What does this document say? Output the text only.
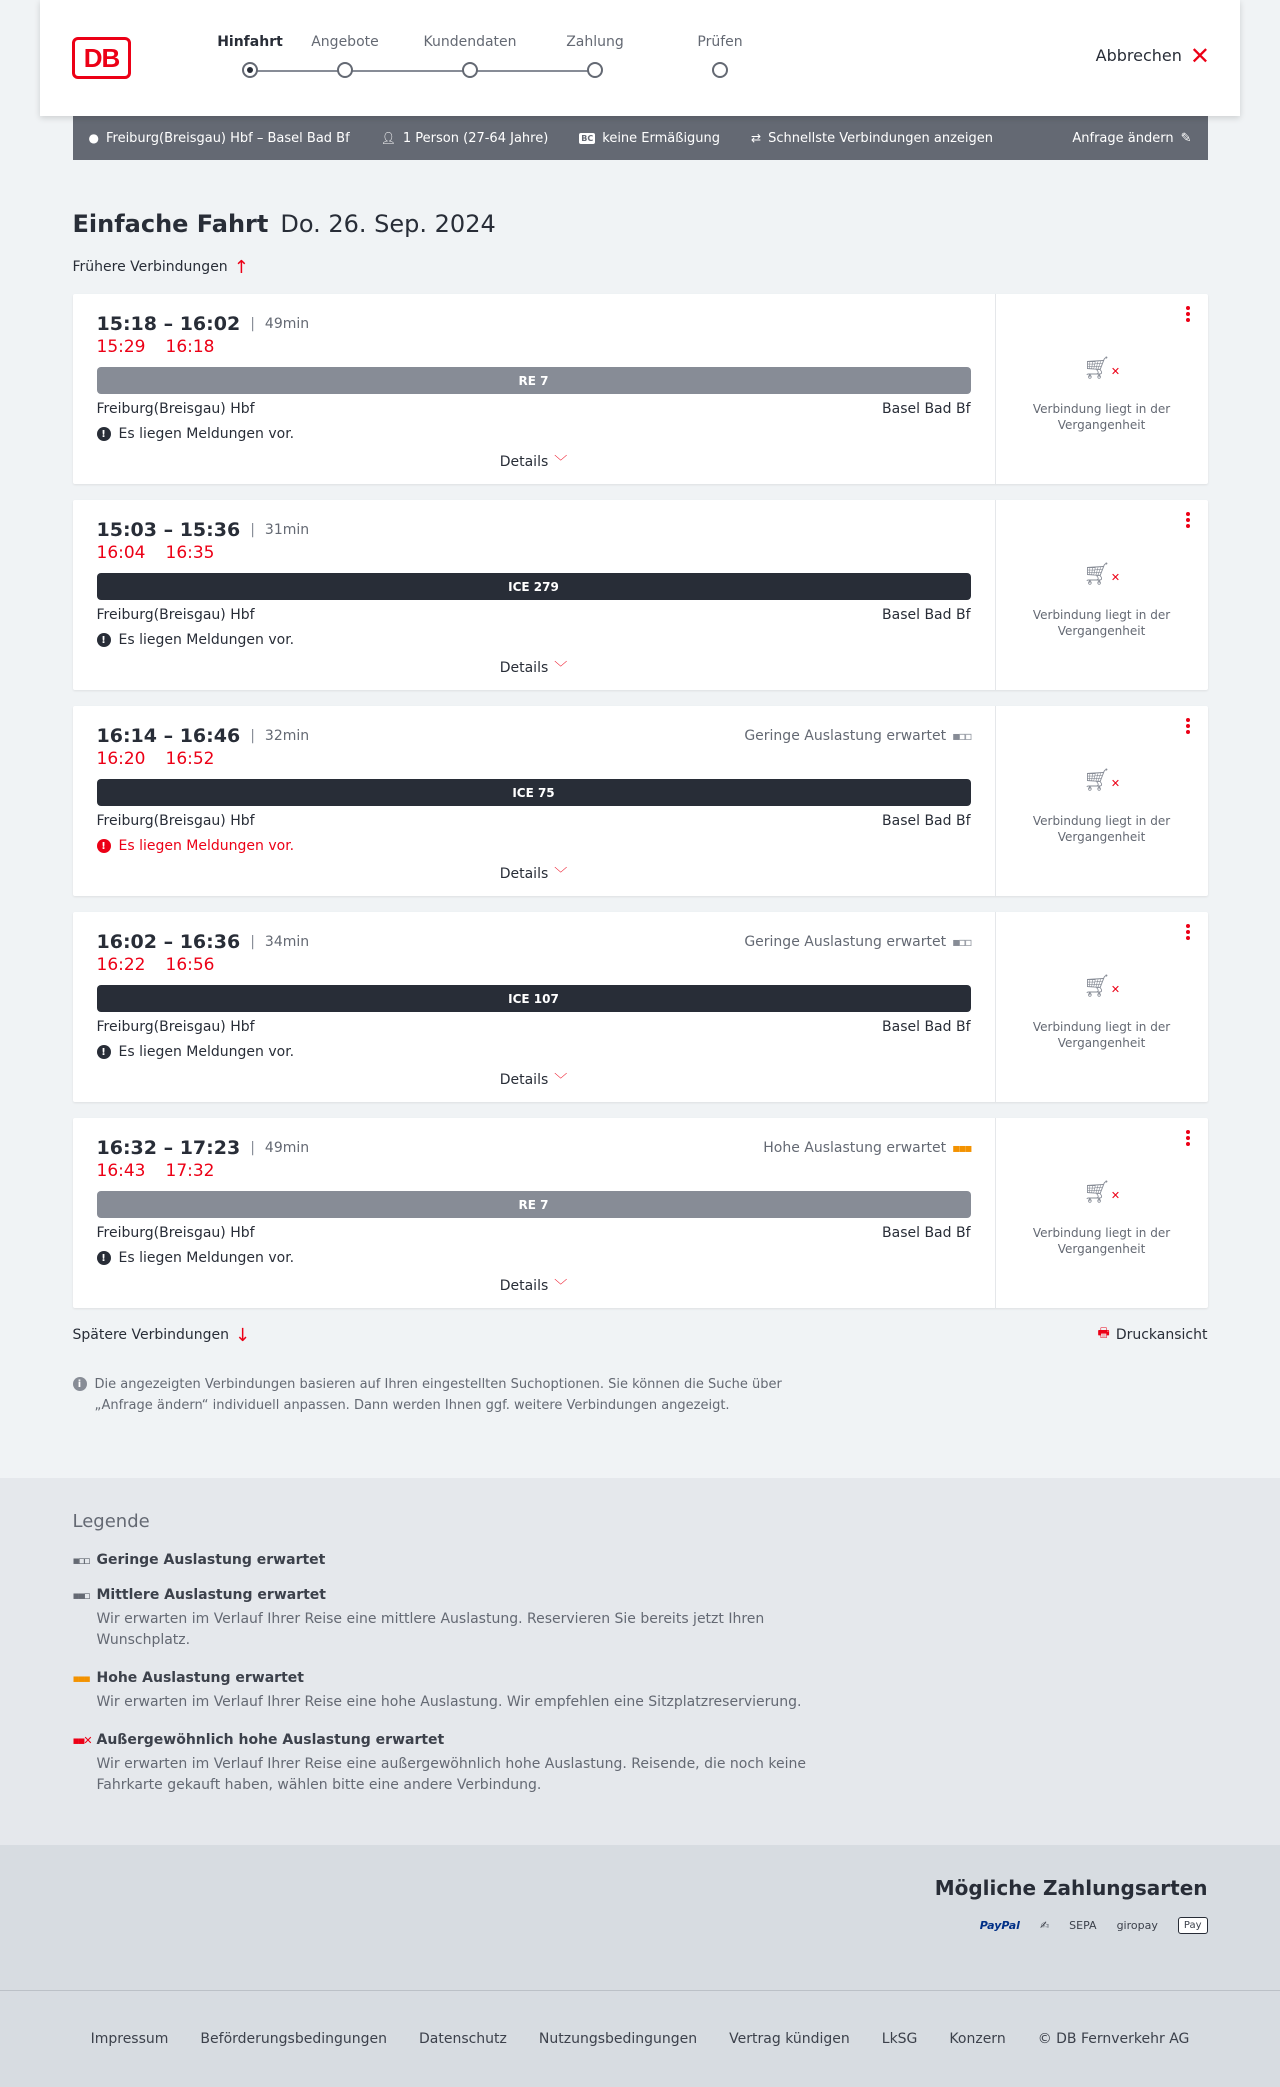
DB
Hinfahrt	Angebote	Kundendaten	Zahlung	Prüfen
Abbrechen ✕
● Freiburg(Breisgau) Hbf – Basel Bad Bf	👤︎ 1 Person (27-64 Jahre)	BC keine Ermäßigung	⇄ Schnellste Verbindungen anzeigen	Anfrage ändern ✎
Einfache Fahrt Do. 26. Sep. 2024
Frühere Verbindungen ↑
15:18 – 16:02 | 49min
15:29 16:18
RE 7
Freiburg(Breisgau) Hbf	Basel Bad Bf
! Es liegen Meldungen vor.
Details ﹀
🛒︎✕
Verbindung liegt in der Vergangenheit
15:03 – 15:36 | 31min
16:04 16:35
ICE 279
Freiburg(Breisgau) Hbf	Basel Bad Bf
! Es liegen Meldungen vor.
Details ﹀
🛒︎✕
Verbindung liegt in der Vergangenheit
16:14 – 16:46 | 32min	Geringe Auslastung erwartet ▪▫▫
16:20 16:52
ICE 75
Freiburg(Breisgau) Hbf	Basel Bad Bf
! Es liegen Meldungen vor.
Details ﹀
🛒︎✕
Verbindung liegt in der Vergangenheit
16:02 – 16:36 | 34min	Geringe Auslastung erwartet ▪▫▫
16:22 16:56
ICE 107
Freiburg(Breisgau) Hbf	Basel Bad Bf
! Es liegen Meldungen vor.
Details ﹀
🛒︎✕
Verbindung liegt in der Vergangenheit
16:32 – 17:23 | 49min	Hohe Auslastung erwartet ▪▪▪
16:43 17:32
RE 7
Freiburg(Breisgau) Hbf	Basel Bad Bf
! Es liegen Meldungen vor.
Details ﹀
🛒︎✕
Verbindung liegt in der Vergangenheit
Spätere Verbindungen ↓	🖶︎ Druckansicht
i	Die angezeigten Verbindungen basieren auf Ihren eingestellten Suchoptionen. Sie können die Suche über „Anfrage ändern“ individuell anpassen. Dann werden Ihnen ggf. weitere Verbindungen angezeigt.
Legende
▪▫▫ Geringe Auslastung erwartet
▪▪▫ Mittlere Auslastung erwartet
Wir erwarten im Verlauf Ihrer Reise eine mittlere Auslastung. Reservieren Sie bereits jetzt Ihren Wunschplatz.
▪▪▪ Hohe Auslastung erwartet
Wir erwarten im Verlauf Ihrer Reise eine hohe Auslastung. Wir empfehlen eine Sitzplatzreservierung.
▪▪✕ Außergewöhnlich hohe Auslastung erwartet
Wir erwarten im Verlauf Ihrer Reise eine außergewöhnlich hohe Auslastung. Reisende, die noch keine Fahrkarte gekauft haben, wählen bitte eine andere Verbindung.
Mögliche Zahlungsarten
PayPal ✍︎ SEPA giropay	Pay
Impressum Beförderungsbedingungen Datenschutz Nutzungsbedingungen Vertrag kündigen LkSG Konzern © DB Fernverkehr AG
